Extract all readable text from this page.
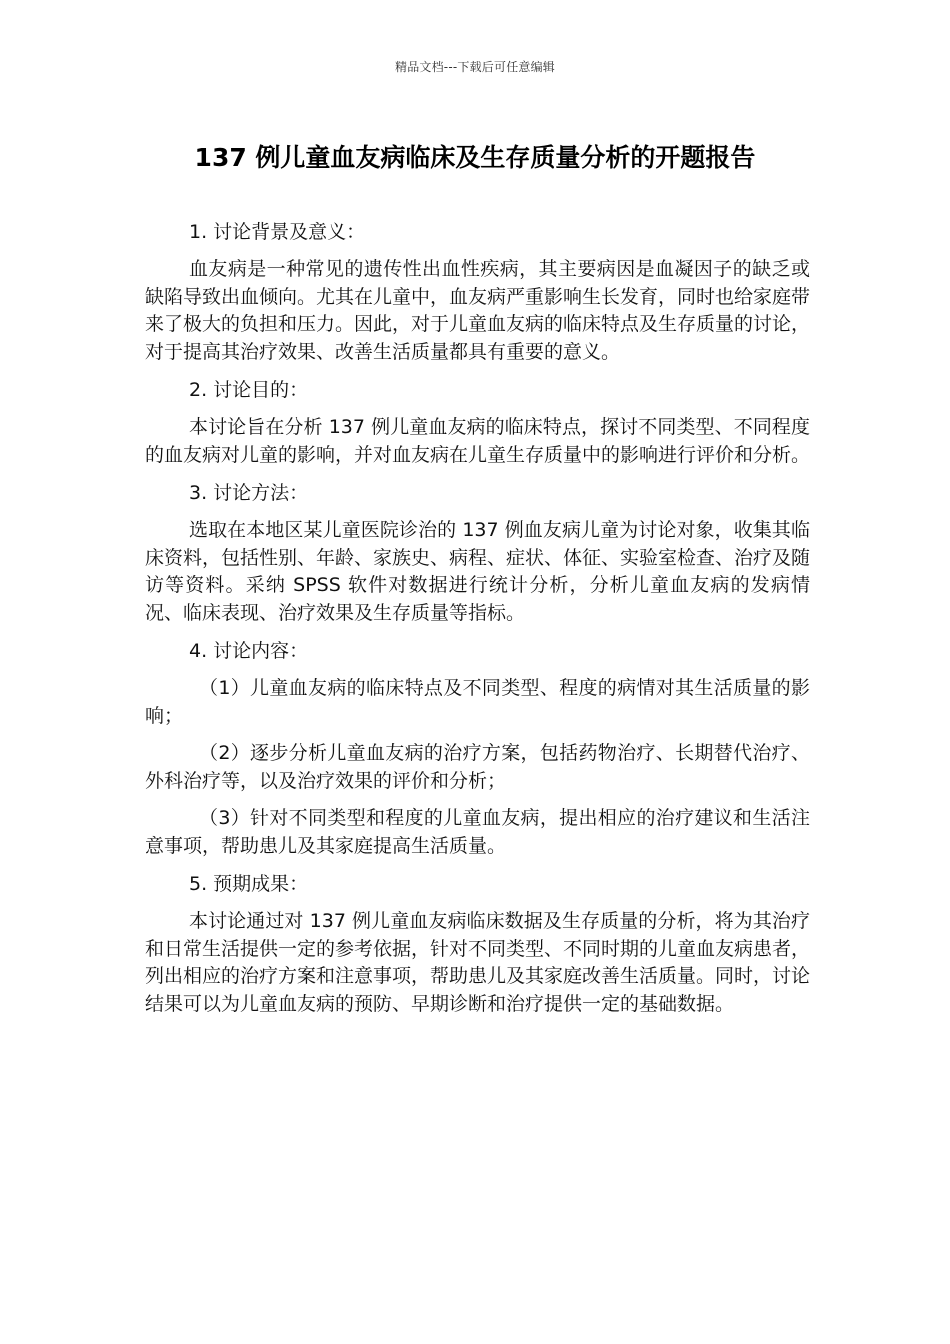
精品文档---下载后可任意编辑
137 例儿童血友病临床及生存质量分析的开题报告

1. 讨论背景及意义：

血友病是一种常见的遗传性出血性疾病，其主要病因是血凝因子的缺乏或缺陷导致出血倾向。尤其在儿童中，血友病严重影响生长发育，同时也给家庭带来了极大的负担和压力。因此，对于儿童血友病的临床特点及生存质量的讨论，对于提高其治疗效果、改善生活质量都具有重要的意义。

2. 讨论目的：

本讨论旨在分析 137 例儿童血友病的临床特点，探讨不同类型、不同程度的血友病对儿童的影响，并对血友病在儿童生存质量中的影响进行评价和分析。

3. 讨论方法：

选取在本地区某儿童医院诊治的 137 例血友病儿童为讨论对象，收集其临床资料，包括性别、年龄、家族史、病程、症状、体征、实验室检查、治疗及随访等资料。采纳 SPSS 软件对数据进行统计分析，分析儿童血友病的发病情况、临床表现、治疗效果及生存质量等指标。

4. 讨论内容：

（1）儿童血友病的临床特点及不同类型、程度的病情对其生活质量的影响；

（2）逐步分析儿童血友病的治疗方案，包括药物治疗、长期替代治疗、外科治疗等，以及治疗效果的评价和分析；

（3）针对不同类型和程度的儿童血友病，提出相应的治疗建议和生活注意事项，帮助患儿及其家庭提高生活质量。

5. 预期成果：

本讨论通过对 137 例儿童血友病临床数据及生存质量的分析，将为其治疗和日常生活提供一定的参考依据，针对不同类型、不同时期的儿童血友病患者，列出相应的治疗方案和注意事项，帮助患儿及其家庭改善生活质量。同时，讨论结果可以为儿童血友病的预防、早期诊断和治疗提供一定的基础数据。
